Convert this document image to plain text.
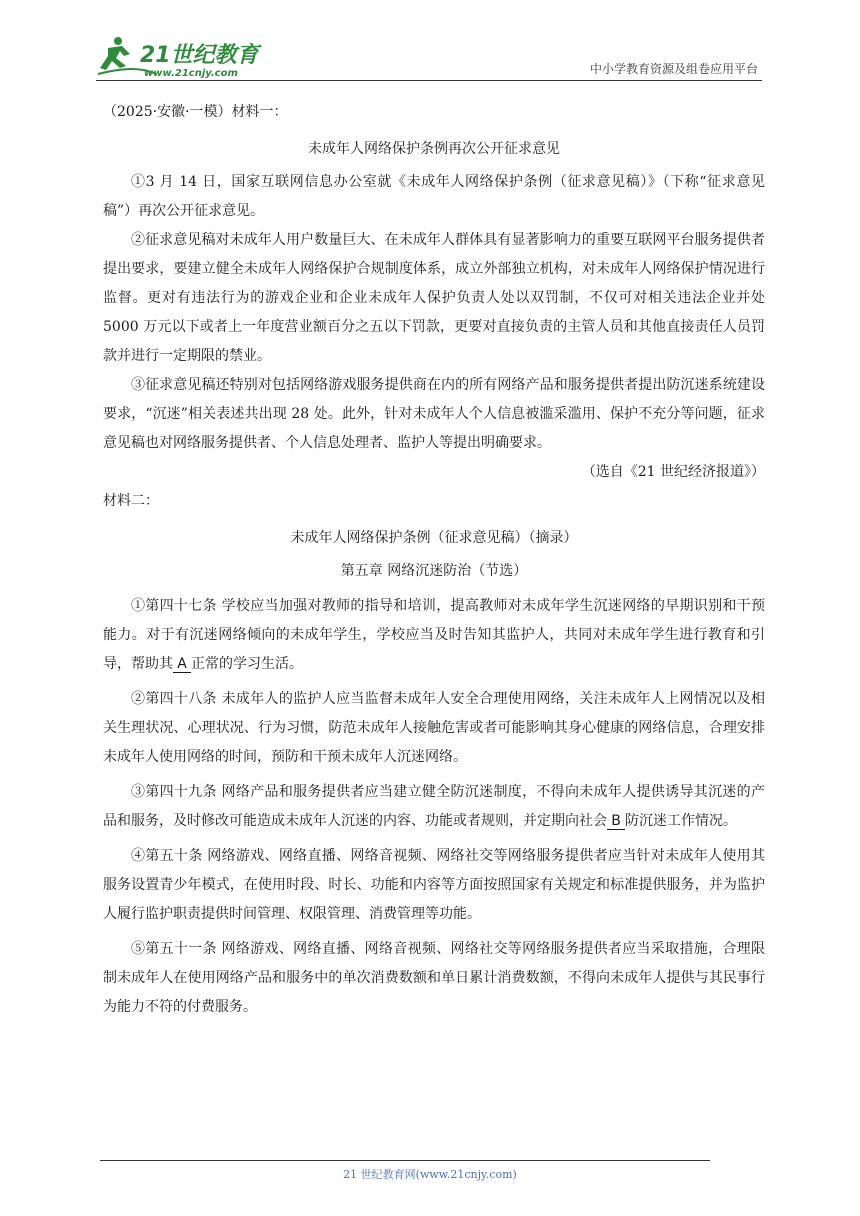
21世纪教育
www.21cnjy.com	中小学教育资源及组卷应用平台

（2025·安徽·一模）材料一：

未成年人网络保护条例再次公开征求意见

①3 月 14 日，国家互联网信息办公室就《未成年人网络保护条例（征求意见稿）》（下称“征求意见稿”）再次公开征求意见。

②征求意见稿对未成年人用户数量巨大、在未成年人群体具有显著影响力的重要互联网平台服务提供者提出要求，要建立健全未成年人网络保护合规制度体系，成立外部独立机构，对未成年人网络保护情况进行监督。更对有违法行为的游戏企业和企业未成年人保护负责人处以双罚制，不仅可对相关违法企业并处 5000 万元以下或者上一年度营业额百分之五以下罚款，更要对直接负责的主管人员和其他直接责任人员罚款并进行一定期限的禁业。

③征求意见稿还特别对包括网络游戏服务提供商在内的所有网络产品和服务提供者提出防沉迷系统建设要求，“沉迷”相关表述共出现 28 处。此外，针对未成年人个人信息被滥采滥用、保护不充分等问题，征求意见稿也对网络服务提供者、个人信息处理者、监护人等提出明确要求。

（选自《21 世纪经济报道》）

材料二：

未成年人网络保护条例（征求意见稿）（摘录）

第五章 网络沉迷防治（节选）

①第四十七条 学校应当加强对教师的指导和培训，提高教师对未成年学生沉迷网络的早期识别和干预能力。对于有沉迷网络倾向的未成年学生，学校应当及时告知其监护人，共同对未成年学生进行教育和引导，帮助其 A 正常的学习生活。

②第四十八条 未成年人的监护人应当监督未成年人安全合理使用网络，关注未成年人上网情况以及相关生理状况、心理状况、行为习惯，防范未成年人接触危害或者可能影响其身心健康的网络信息，合理安排未成年人使用网络的时间，预防和干预未成年人沉迷网络。

③第四十九条 网络产品和服务提供者应当建立健全防沉迷制度，不得向未成年人提供诱导其沉迷的产品和服务，及时修改可能造成未成年人沉迷的内容、功能或者规则，并定期向社会 B 防沉迷工作情况。

④第五十条 网络游戏、网络直播、网络音视频、网络社交等网络服务提供者应当针对未成年人使用其服务设置青少年模式，在使用时段、时长、功能和内容等方面按照国家有关规定和标准提供服务，并为监护人履行监护职责提供时间管理、权限管理、消费管理等功能。

⑤第五十一条 网络游戏、网络直播、网络音视频、网络社交等网络服务提供者应当采取措施，合理限制未成年人在使用网络产品和服务中的单次消费数额和单日累计消费数额，不得向未成年人提供与其民事行为能力不符的付费服务。

21 世纪教育网(www.21cnjy.com)
